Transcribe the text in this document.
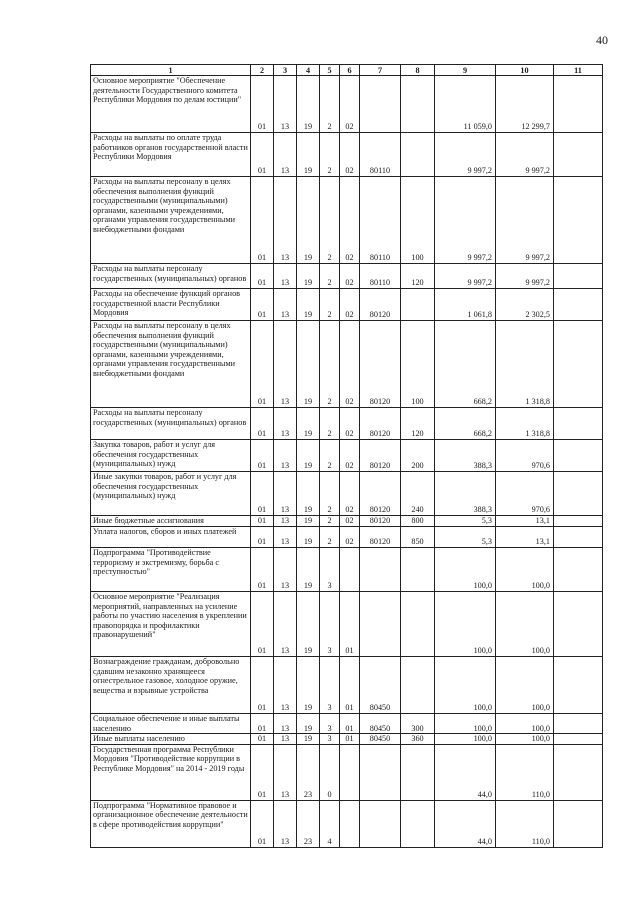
40
1	2	3	4	5	6	7	8	9	10	11
Основное мероприятие "Обеспечение деятельности Государственного комитета Республики Мордовия по делам юстиции"	01	13	19	2	02			11 059,0	12 299,7	
Расходы на выплаты по оплате труда работников органов государственной власти Республики Мордовия	01	13	19	2	02	80110		9 997,2	9 997,2	
Расходы на выплаты персоналу в целях обеспечения выполнения функций государственными (муниципальными) органами, казенными учреждениями, органами управления государственными внебюджетными фондами	01	13	19	2	02	80110	100	9 997,2	9 997,2	
Расходы на выплаты персоналу государственных (муниципальных) органов	01	13	19	2	02	80110	120	9 997,2	9 997,2	
Расходы на обеспечение функций органов государственной власти Республики Мордовия	01	13	19	2	02	80120		1 061,8	2 302,5	
Расходы на выплаты персоналу в целях обеспечения выполнения функций государственными (муниципальными) органами, казенными учреждениями, органами управления государственными внебюджетными фондами	01	13	19	2	02	80120	100	668,2	1 318,8	
Расходы на выплаты персоналу государственных (муниципальных) органов	01	13	19	2	02	80120	120	668,2	1 318,8	
Закупка товаров, работ и услуг для обеспечения государственных (муниципальных) нужд	01	13	19	2	02	80120	200	388,3	970,6	
Иные закупки товаров, работ и услуг для обеспечения государственных (муниципальных) нужд	01	13	19	2	02	80120	240	388,3	970,6	
Иные бюджетные ассигнования	01	13	19	2	02	80120	800	5,3	13,1	
Уплата налогов, сборов и иных платежей	01	13	19	2	02	80120	850	5,3	13,1	
Подпрограмма "Противодействие терроризму и экстремизму, борьба с преступностью"	01	13	19	3				100,0	100,0	
Основное мероприятие "Реализация мероприятий, направленных на усиление работы по участию населения в укреплении правопорядка и профилактики правонарушений"	01	13	19	3	01			100,0	100,0	
Вознаграждение гражданам, добровольно сдавшим незаконно хранящееся огнестрельное газовое, холодное оружие, вещества и взрывные устройства	01	13	19	3	01	80450		100,0	100,0	
Социальное обеспечение и иные выплаты населению	01	13	19	3	01	80450	300	100,0	100,0	
Иные выплаты населению	01	13	19	3	01	80450	360	100,0	100,0	
Государственная программа Республики Мордовия "Противодействие коррупции в Республике Мордовия" на 2014 - 2019 годы	01	13	23	0				44,0	110,0	
Подпрограмма "Нормативное правовое и организационное обеспечение деятельности в сфере противодействия коррупции"	01	13	23	4				44,0	110,0	
